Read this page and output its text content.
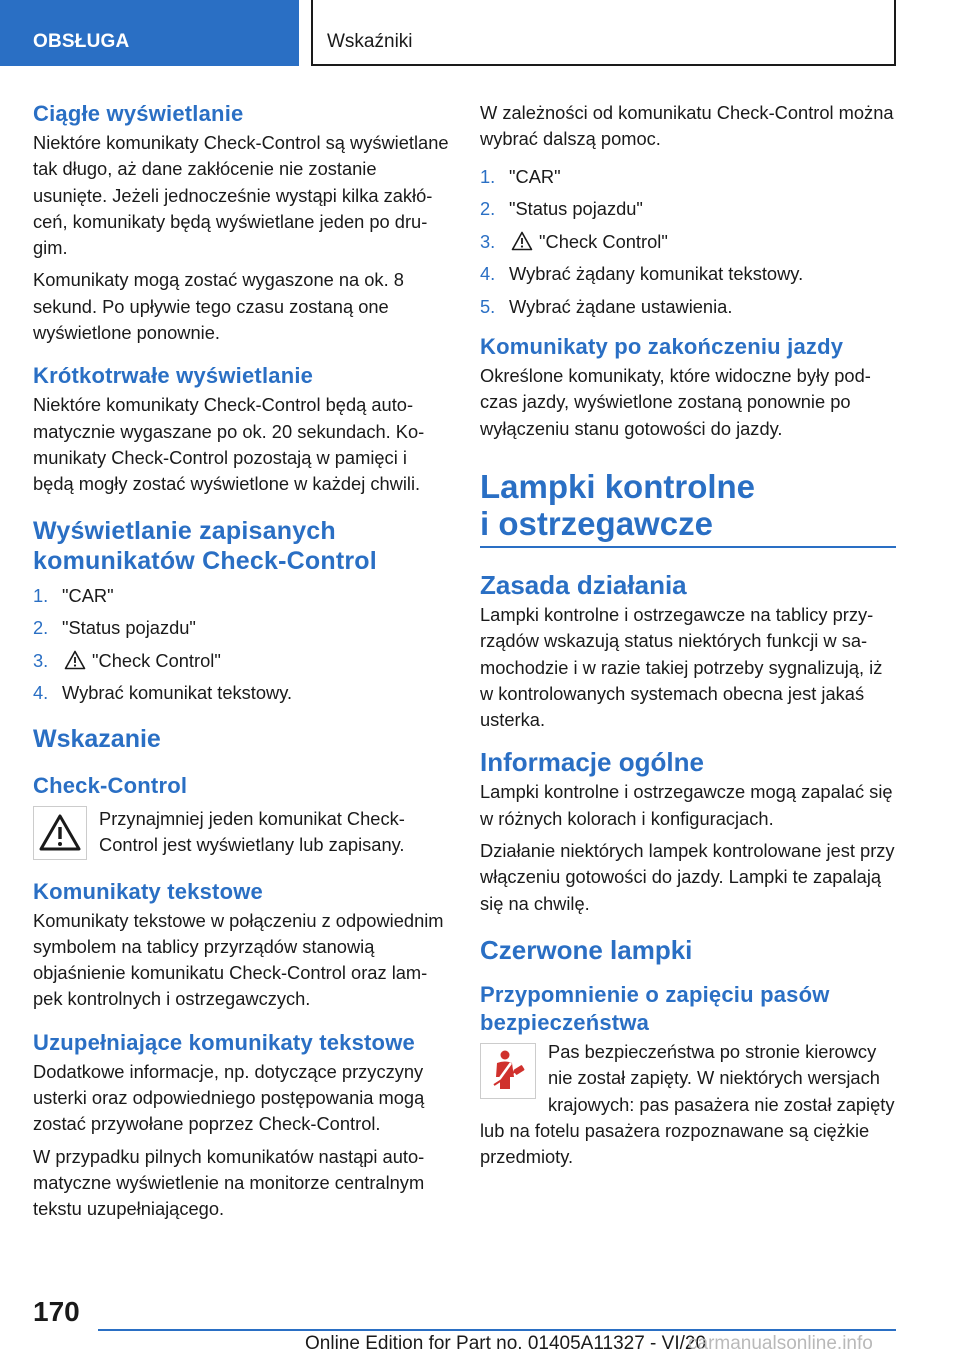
OBSŁUGA	Wskaźniki
Ciągłe wyświetlanie

Niektóre komunikaty Check-Control są wyświetlane tak długo, aż dane zakłócenie nie zostanie usunięte. Jeżeli jednocześnie wystąpi kilka zakłóceń, komunikaty będą wyświetlane jeden po drugim.

Komunikaty mogą zostać wygaszone na ok. 8 sekund. Po upływie tego czasu zostaną one wyświetlone ponownie.

Krótkotrwałe wyświetlanie

Niektóre komunikaty Check-Control będą automatycznie wygaszane po ok. 20 sekundach. Komunikaty Check-Control pozostają w pamięci i będą mogły zostać wyświetlone w każdej chwili.

Wyświetlanie zapisanych komunikatów Check-Control
1. "CAR"
2. "Status pojazdu"
3.	"Check Control"
4. Wybrać komunikat tekstowy.
Wskazanie
Check-Control

Przynajmniej jeden komunikat Check-Control jest wyświetlany lub zapisany.

Komunikaty tekstowe

Komunikaty tekstowe w połączeniu z odpowiednim symbolem na tablicy przyrządów stanowią objaśnienie komunikatu Check-Control oraz lampek kontrolnych i ostrzegawczych.

Uzupełniające komunikaty tekstowe

Dodatkowe informacje, np. dotyczące przyczyny usterki oraz odpowiedniego postępowania mogą zostać przywołane poprzez Check-Control.

W przypadku pilnych komunikatów nastąpi automatyczne wyświetlenie na monitorze centralnym tekstu uzupełniającego.

W zależności od komunikatu Check-Control można wybrać dalszą pomoc.

1. "CAR"
2. "Status pojazdu"
3.	"Check Control"
4. Wybrać żądany komunikat tekstowy.
5. Wybrać żądane ustawienia.
Komunikaty po zakończeniu jazdy

Określone komunikaty, które widoczne były podczas jazdy, wyświetlone zostaną ponownie po wyłączeniu stanu gotowości do jazdy.

Lampki kontrolne
i ostrzegawcze
Zasada działania

Lampki kontrolne i ostrzegawcze na tablicy przyrządów wskazują status niektórych funkcji w samochodzie i w razie takiej potrzeby sygnalizują, iż w kontrolowanych systemach obecna jest jakaś usterka.

Informacje ogólne

Lampki kontrolne i ostrzegawcze mogą zapalać się w różnych kolorach i konfiguracjach.

Działanie niektórych lampek kontrolowane jest przy włączeniu gotowości do jazdy. Lampki te zapalają się na chwilę.

Czerwone lampki
Przypomnienie o zapięciu pasów bezpieczeństwa

Pas bezpieczeństwa po stronie kierowcy nie został zapięty. W niektórych wersjach krajowych: pas pasażera nie został zapięty lub na fotelu pasażera rozpoznawane są ciężkie przedmioty.

170
Online Edition for Part no. 01405A11327 - VI/20
carmanualsonline.info
